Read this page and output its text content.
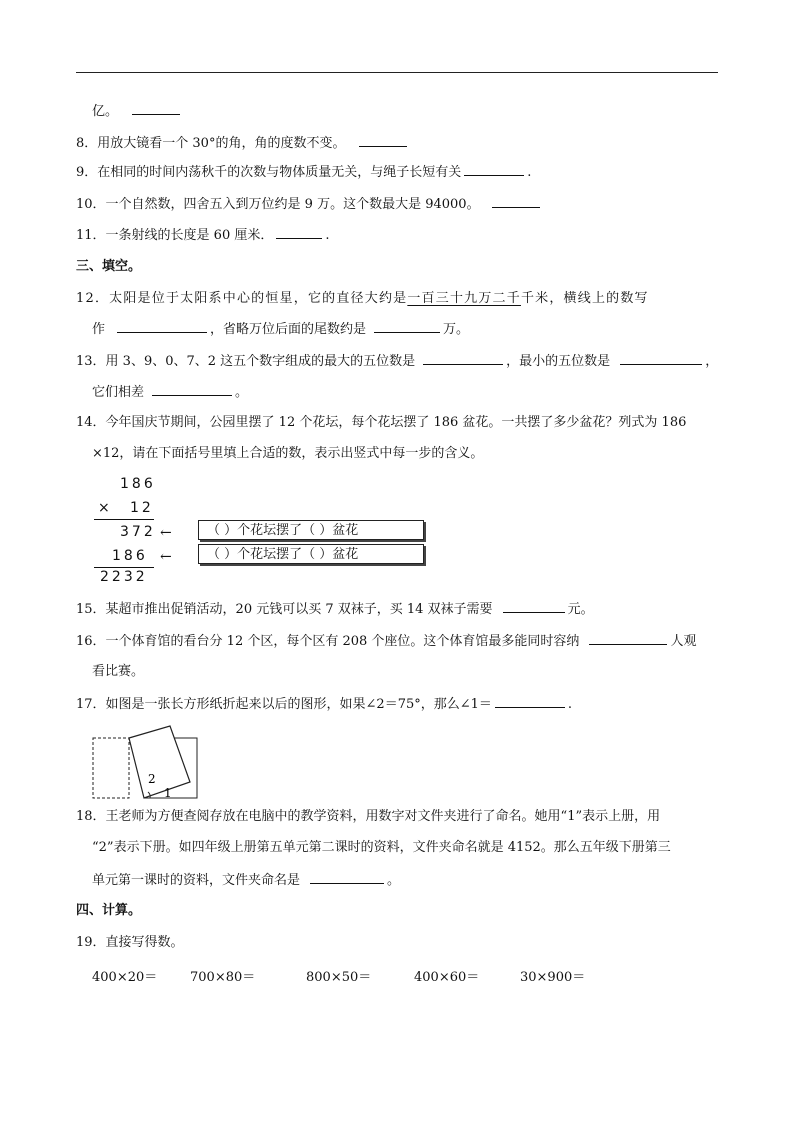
亿。
8．用放大镜看一个 30°的角，角的度数不变。
9．在相同的时间内荡秋千的次数与物体质量无关，与绳子长短有关	.
10．一个自然数，四舍五入到万位约是 9 万。这个数最大是 94000。
11．一条射线的长度是 60 厘米．	.
三、填空。
12．太阳是位于太阳系中心的恒星，它的直径大约是一百三十九万二千千米，横线上的数写
作	，省略万位后面的尾数约是	万。
13．用 3、9、0、7、2 这五个数字组成的最大的五位数是	，最小的五位数是	，
它们相差	。
14．今年国庆节期间，公园里摆了 12 个花坛，每个花坛摆了 186 盆花。一共摆了多少盆花？列式为 186
×12，请在下面括号里填上合适的数，表示出竖式中每一步的含义。
186
× 12
372 ←	（ ）个花坛摆了（ ）盆花
186 ←	（ ）个花坛摆了（ ）盆花
2232
15．某超市推出促销活动，20 元钱可以买 7 双袜子，买 14 双袜子需要	元。
16．一个体育馆的看台分 12 个区，每个区有 208 个座位。这个体育馆最多能同时容纳	人观
看比赛。
17．如图是一张长方形纸折起来以后的图形，如果∠2＝75°，那么∠1＝	.
2
1
18．王老师为方便查阅存放在电脑中的教学资料，用数字对文件夹进行了命名。她用“1”表示上册，用
“2”表示下册。如四年级上册第五单元第二课时的资料，文件夹命名就是 4152。那么五年级下册第三
单元第一课时的资料，文件夹命名是	。
四、计算。
19．直接写得数。
400×20＝	700×80＝	800×50＝	400×60＝	30×900＝
